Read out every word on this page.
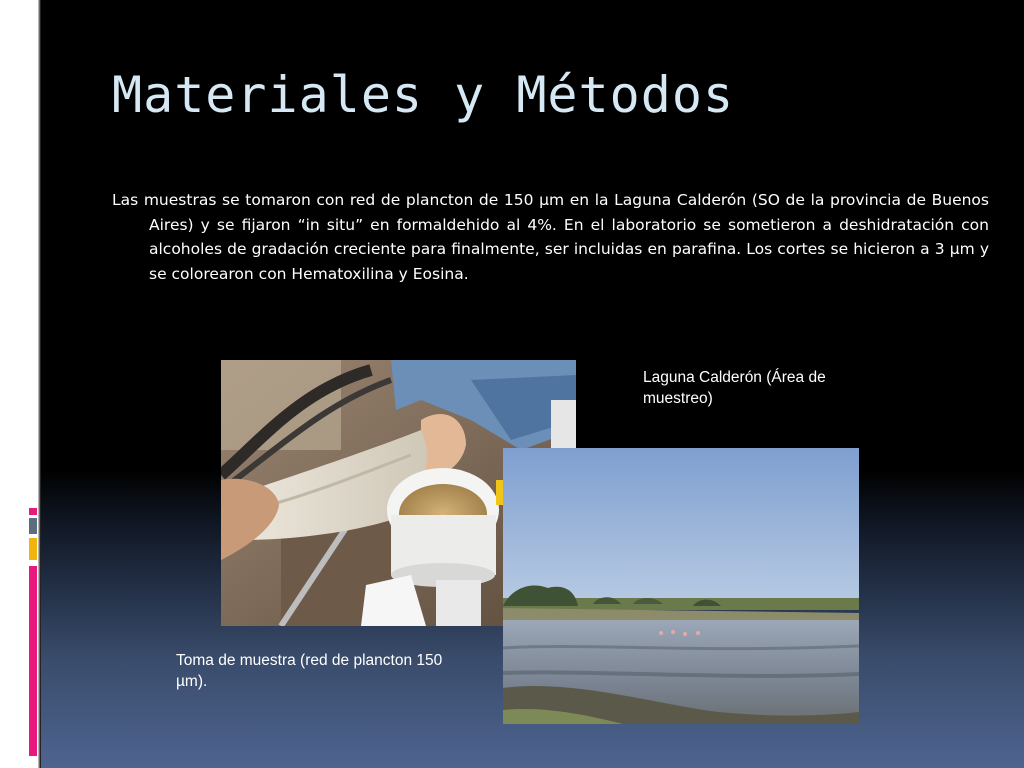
Materiales y Métodos
Las muestras se tomaron con red de plancton de 150 µm en la Laguna Calderón (SO de la provincia de Buenos Aires) y se fijaron “in situ” en formaldehido al 4%. En el laboratorio se sometieron a deshidratación con alcoholes de gradación creciente para finalmente, ser incluidas en parafina. Los cortes se hicieron a 3 µm y se colorearon con Hematoxilina y Eosina.
Laguna Calderón (Área de muestreo)
Toma de muestra (red de plancton 150 µm).
